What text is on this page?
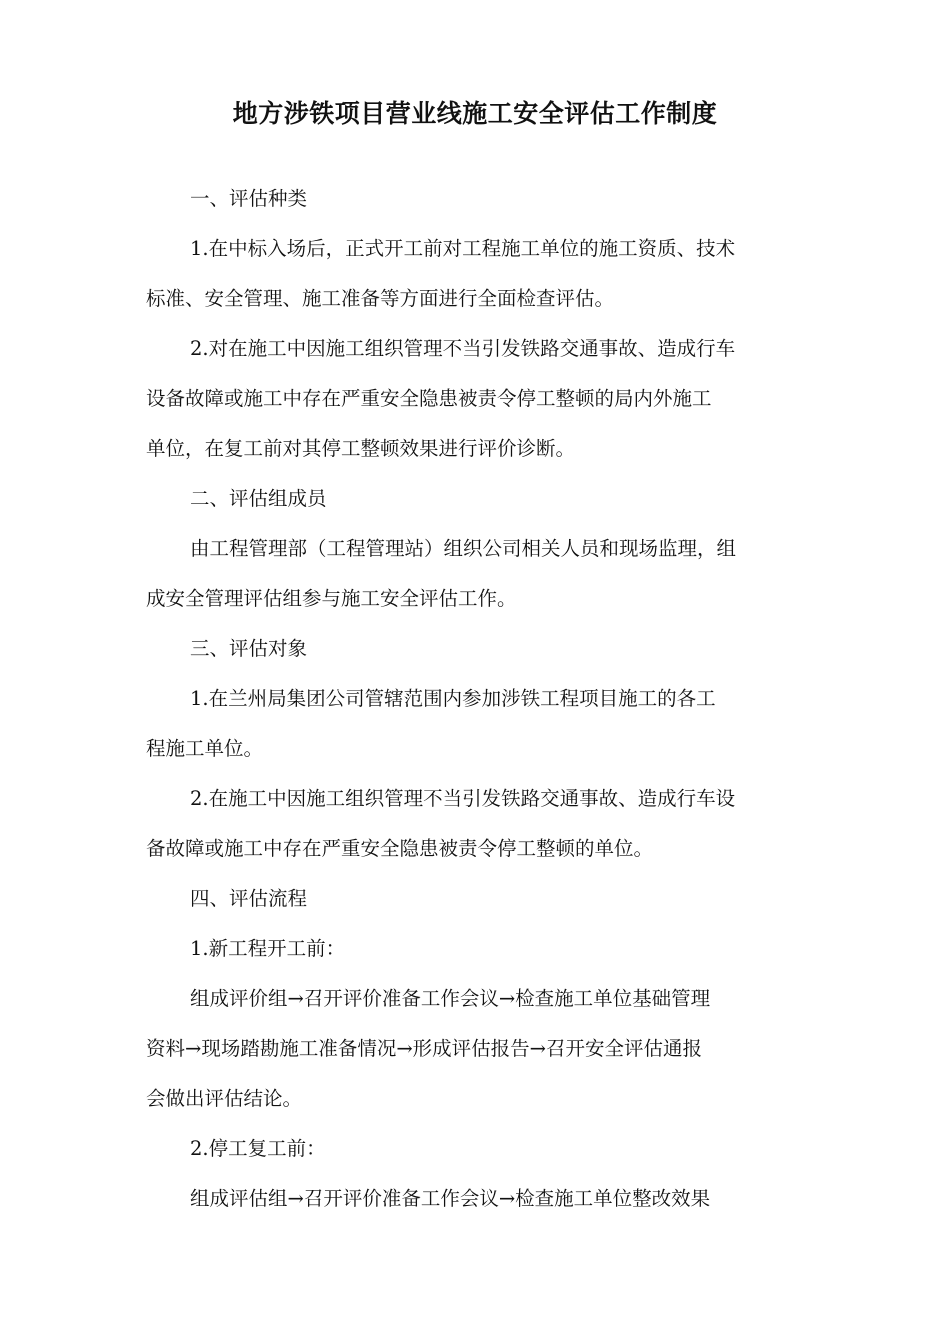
地方涉铁项目营业线施工安全评估工作制度
一、评估种类
1.在中标入场后，正式开工前对工程施工单位的施工资质、技术
标准、安全管理、施工准备等方面进行全面检查评估。
2.对在施工中因施工组织管理不当引发铁路交通事故、造成行车
设备故障或施工中存在严重安全隐患被责令停工整顿的局内外施工
单位，在复工前对其停工整顿效果进行评价诊断。
二、评估组成员
由工程管理部（工程管理站）组织公司相关人员和现场监理，组
成安全管理评估组参与施工安全评估工作。
三、评估对象
1.在兰州局集团公司管辖范围内参加涉铁工程项目施工的各工
程施工单位。
2.在施工中因施工组织管理不当引发铁路交通事故、造成行车设
备故障或施工中存在严重安全隐患被责令停工整顿的单位。
四、评估流程
1.新工程开工前：
组成评价组→召开评价准备工作会议→检查施工单位基础管理
资料→现场踏勘施工准备情况→形成评估报告→召开安全评估通报
会做出评估结论。
2.停工复工前：
组成评估组→召开评价准备工作会议→检查施工单位整改效果
